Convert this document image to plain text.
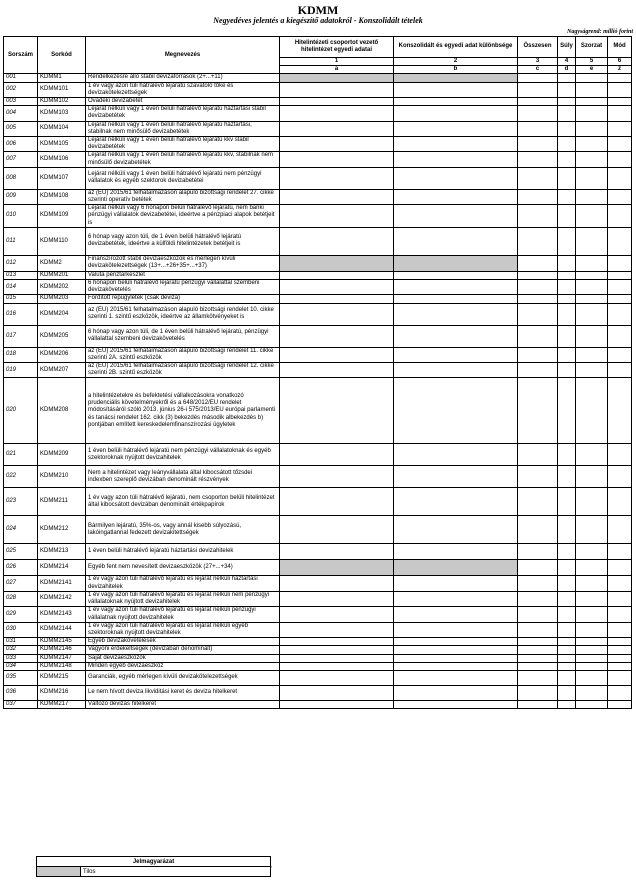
KDMM
Negyedéves jelentés a kiegészítő adatokról - Konszolidált tételek
Nagyságrend: millió forint
Sorszám	Sorkód	Megnevezés	Hitelintézeti csoportot vezető hitelintézet egyedi adatai	Konszolidált és egyedi adat különbsége	Összesen	Súly	Szorzat	Mód
			1	2	3	4	5	6
			a	b	c	d	e	z
001	KDMM1	Rendelkezésre álló stabil devizaforrások (2+...+11)						
002	KDMM101	1 év vagy azon túli hátralévő lejáratú szavatoló tőke és devizakötelezettségek						
003	KDMM102	Óvadéki devizabetét						
004	KDMM103	Lejárat nélküli vagy 1 éven belüli hátralévő lejáratú háztartási stabil devizabetétek						
005	KDMM104	Lejárat nélküli vagy 1 éven belüli hátralévő lejáratú háztartási, stabilnak nem minősülő devizabetétek						
006	KDMM105	Lejárat nélküli vagy 1 éven belüli hátralévő lejáratú kkv stabil devizabetétek						
007	KDMM106	Lejárat nélküli vagy 1 éven belüli hátralévő lejáratú kkv, stabilnak nem minősülő devizabetétek						
008	KDMM107	Lejárat nélküli vagy 1 éven belüli hátralévő lejáratú nem pénzügyi vállalatok és egyéb szektorok devizabetétei						
009	KDMM108	az (EU) 2015/61 felhatalmazáson alapuló bizottsági rendelet 27. cikke szerinti operatív betétek						
010	KDMM109	Lejárat nélküli vagy 6 hónapon belüli hátralévő lejáratú, nem banki pénzügyi vállalatok devizabetétei, ideértve a pénzpiaci alapok betétjeit is						
011	KDMM110	6 hónap vagy azon túli, de 1 éven belüli hátralévő lejáratú devizabetétek, ideértve a külföldi hitelintézetek betétjeit is						
012	KDMM2	Finanszírozott stabil devizaeszközök és mérlegen kívüli devizakötelezettségek (13+...+26+35+...+37)						
013	KDMM201	Valuta pénztárkészlet						
014	KDMM202	6 hónapon belüli hátralévő lejáratú pénzügyi vállalattal szembeni devizakövetelés						
015	KDMM203	Fordított repügyletek (csak deviza)						
016	KDMM204	az (EU) 2015/61 felhatalmazáson alapuló bizottsági rendelet 10. cikke szerinti 1. szintű eszközök, ideértve az államkötvényeket is						
017	KDMM205	6 hónap vagy azon túli, de 1 éven belüli hátralévő lejáratú, pénzügyi vállalattal szembeni devizakövetelés						
018	KDMM206	az (EU) 2015/61 felhatalmazáson alapuló bizottsági rendelet 11. cikke szerinti 2A. szintű eszközök						
019	KDMM207	az (EU) 2015/61 felhatalmazáson alapuló bizottsági rendelet 12. cikke szerinti 2B. szintű eszközök						
020	KDMM208	a hitelintézetekre és befektetési vállalkozásokra vonatkozó prudenciális követelményekről és a 648/2012/EU rendelet módosításáról szóló 2013. június 26-i 575/2013/EU európai parlamenti és tanácsi rendelet 162. cikk (3) bekezdés második albekezdés b) pontjában említett kereskedelemfinanszírozási ügyletek						
021	KDMM209	1 éven belüli hátralévő lejáratú nem pénzügyi vállalatoknak és egyéb szektoroknak nyújtott devizahitelek						
022	KDMM210	Nem a hitelintézet vagy leányvállalata által kibocsátott tőzsdei indexben szereplő devizában denominált részvények						
023	KDMM211	1 év vagy azon túli hátralévő lejáratú, nem csoporton belüli hitelintézet által kibocsátott devizában denominált értékpapírok						
024	KDMM212	Bármilyen lejáratú, 35%-os, vagy annál kisebb súlyozású, lakóingatlannal fedezett devizakitettségek						
025	KDMM213	1 éven belüli hátralévő lejáratú háztartási devizahitelek						
026	KDMM214	Egyéb fent nem nevesített devizaeszközök (27+...+34)						
027	KDMM2141	1 év vagy azon túli hátralévő lejáratú és lejárat nélküli háztartási devizahitelek						
028	KDMM2142	1 év vagy azon túli hátralévő lejáratú és lejárat nélküli nem pénzügyi vállalatoknak nyújtott devizahitelek						
029	KDMM2143	1 év vagy azon túli hátralévő lejáratú és lejárat nélküli pénzügyi vállalatnak nyújtott devizahitelek						
030	KDMM2144	1 év vagy azon túli hátralévő lejáratú és lejárat nélküli egyéb szektoroknak nyújtott devizahitelek						
031	KDMM2145	Egyéb devizakövetelések						
032	KDMM2146	Vagyoni érdekeltségek (devizában denominált)						
033	KDMM2147	Saját devizaeszközök						
034	KDMM2148	Minden egyéb devizaeszköz						
035	KDMM215	Garanciák, egyéb mérlegen kívüli devizakötelezettségek						
036	KDMM216	Le nem hívott deviza likviditási keret és deviza hitelkeret						
037	KDMM217	Változó devizás hitelkeret						
Jelmagyarázat
	Tilos	*
